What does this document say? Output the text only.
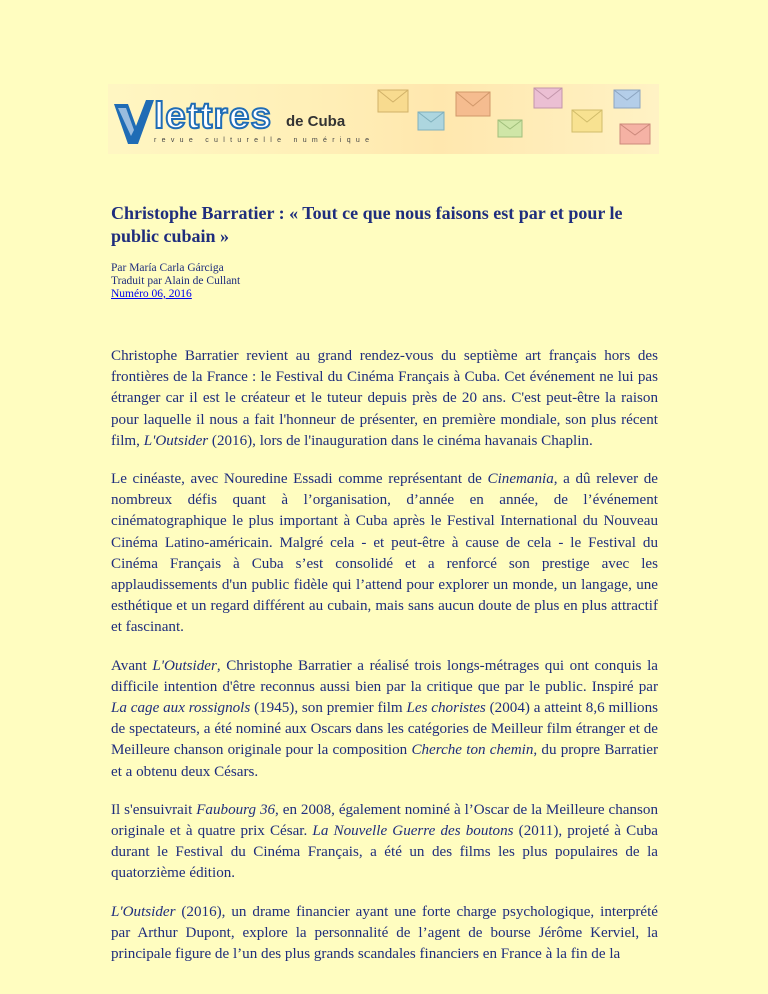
lettres de Cuba
revue culturelle numérique
Christophe Barratier : « Tout ce que nous faisons est par et pour le public cubain »
Par María Carla Gárciga
Traduit par Alain de Cullant
Numéro 06, 2016

Christophe Barratier revient au grand rendez-vous du septième art français hors des frontières de la France : le Festival du Cinéma Français à Cuba. Cet événement ne lui pas étranger car il est le créateur et le tuteur depuis près de 20 ans. C'est peut-être la raison pour laquelle il nous a fait l'honneur de présenter, en première mondiale, son plus récent film, L'Outsider (2016), lors de l'inauguration dans le cinéma havanais Chaplin.

Le cinéaste, avec Nouredine Essadi comme représentant de Cinemania, a dû relever de nombreux défis quant à l’organisation, d’année en année, de l’événement cinématographique le plus important à Cuba après le Festival International du Nouveau Cinéma Latino-américain. Malgré cela - et peut-être à cause de cela - le Festival du Cinéma Français à Cuba s’est consolidé et a renforcé son prestige avec les applaudissements d'un public fidèle qui l’attend pour explorer un monde, un langage, une esthétique et un regard différent au cubain, mais sans aucun doute de plus en plus attractif et fascinant.

Avant L'Outsider, Christophe Barratier a réalisé trois longs-métrages qui ont conquis la difficile intention d'être reconnus aussi bien par la critique que par le public. Inspiré par La cage aux rossignols (1945), son premier film Les choristes (2004) a atteint 8,6 millions de spectateurs, a été nominé aux Oscars dans les catégories de Meilleur film étranger et de Meilleure chanson originale pour la composition Cherche ton chemin, du propre Barratier et a obtenu deux Césars.

Il s'ensuivrait Faubourg 36, en 2008, également nominé à l’Oscar de la Meilleure chanson originale et à quatre prix César. La Nouvelle Guerre des boutons (2011), projeté à Cuba durant le Festival du Cinéma Français, a été un des films les plus populaires de la quatorzième édition.

L'Outsider (2016), un drame financier ayant une forte charge psychologique, interprété par Arthur Dupont, explore la personnalité de l’agent de bourse Jérôme Kerviel, la principale figure de l’un des plus grands scandales financiers en France à la fin de la
